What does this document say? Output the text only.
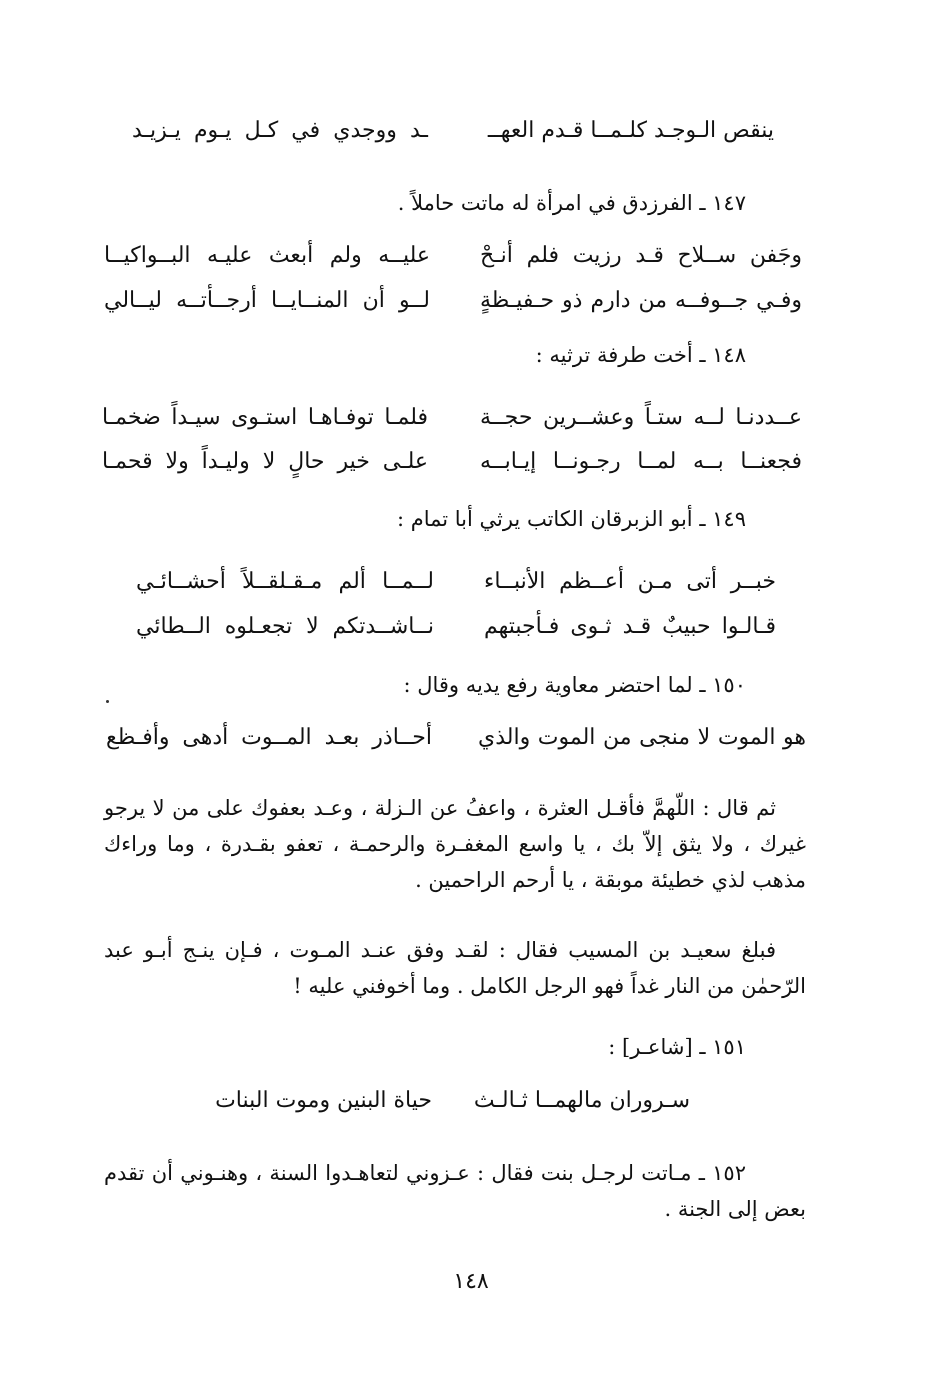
ينقص الـوجـد كلـمــا قـدم العهــ
ـد ووجدي في كـل يـوم يـزيـد
١٤٧ ـ الفرزدق في امرأة له ماتت حاملاً .
وجَفن ســلاح قـد رزيت فلم أنـحْ
عليــه ولم أبعث عليـه البــواكيــا
وفـي جــوفــه من دارم ذو حـفيـظةٍ
لــو أن المنــايــا أرجــأتــه ليــالي
١٤٨ ـ أخت طرفة ترثيه :
عــددنـا لــه ستـاً وعشــرين حجــة
فلمـا توفـاهـا استـوى سيـداً ضخمـا
فجعنــا بــه لمــا رجـونــا إيـابــه
علـى خير حالٍ لا وليـداً ولا قحمـا
١٤٩ ـ أبو الزبرقان الكاتب يرثي أبا تمام :
خبــر أتى مـن أعــظم الأنبــاء
لــمــا ألم مـقـلقــلاً أحشــائـي
قـالـوا حبيبٌ قـد ثـوى فـأجبتهم
نــاشــدتكم لا تجعـلوه الــطائي
١٥٠ ـ لما احتضر معاوية رفع يديه وقال :
هو الموت لا منجى من الموت والذي
أحــاذر بعـد المــوت أدهى وأفـظع
ثم قال : اللّهمَّ فأقـل العثرة ، واعفُ عن الـزلة ، وعـد بعفوك على من لا يرجو غيرك ، ولا يثق إلاّ بك ، يا واسع المغفـرة والرحمـة ، تعفو بقـدرة ، وما وراءك مذهب لذي خطيئة موبقة ، يا أرحم الراحمين .
فبلغ سعيـد بن المسيب فقال : لقـد وفق عنـد المـوت ، فـإن ينـج أبـو عبد الرّحمٰن من النار غداً فهو الرجل الكامل . وما أخوفني عليه !
١٥١ ـ [شاعـر] :
سـروران مالهمــا ثـالـث
حياة البنين وموت البنات
١٥٢ ـ مـاتت لرجـل بنت فقال : عـزوني لتعاهـدوا السنة ، وهنـوني أن تقدم بعض إلى الجنة .
١٤٨
